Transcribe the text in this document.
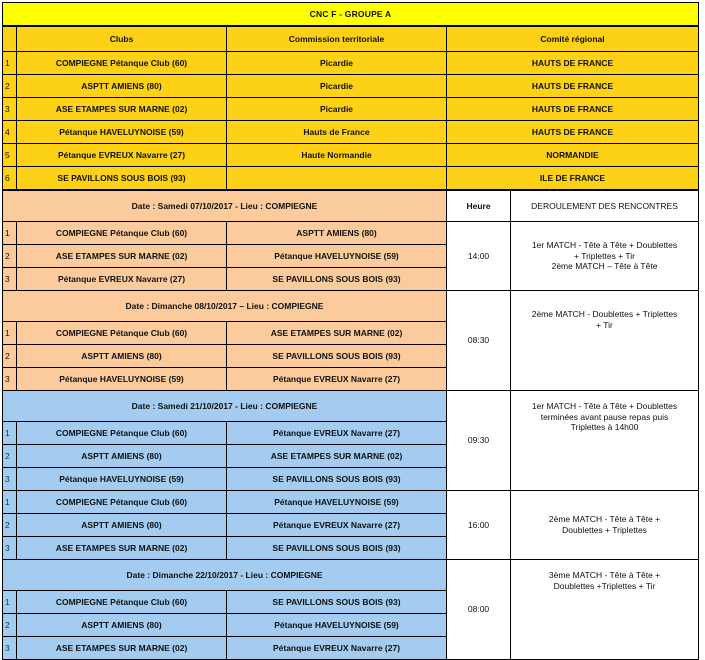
CNC F - GROUPE A
	Clubs	Commission territoriale	Comité régional
1	COMPIEGNE Pétanque Club (60)	Picardie	HAUTS DE FRANCE
2	ASPTT AMIENS (80)	Picardie	HAUTS DE FRANCE
3	ASE ETAMPES SUR MARNE (02)	Picardie	HAUTS DE FRANCE
4	Pétanque HAVELUYNOISE (59)	Hauts de France	HAUTS DE FRANCE
5	Pétanque EVREUX Navarre (27)	Haute Normandie	NORMANDIE
6	SE PAVILLONS SOUS BOIS (93)		ILE DE FRANCE
Date : Samedi 07/10/2017 - Lieu : COMPIEGNE			Heure	DEROULEMENT DES RENCONTRES
1	COMPIEGNE Pétanque Club (60)	ASPTT AMIENS (80)	14:00	1er MATCH - Tête à Tête + Doublettes
+ Triplettes + Tir
2ème MATCH – Tête à Tête
2	ASE ETAMPES SUR MARNE (02)	Pétanque HAVELUYNOISE (59)		
3	Pétanque EVREUX Navarre (27)	SE PAVILLONS SOUS BOIS (93)		
Date : Dimanche 08/10/2017 – Lieu : COMPIEGNE			08:30	2ème MATCH - Doublettes + Triplettes
+ Tir
1	COMPIEGNE Pétanque Club (60)	ASE ETAMPES SUR MARNE (02)		
2	ASPTT AMIENS (80)	SE PAVILLONS SOUS BOIS (93)		
3	Pétanque HAVELUYNOISE (59)	Pétanque EVREUX Navarre (27)		
Date : Samedi 21/10/2017 - Lieu : COMPIEGNE			09:30	1er MATCH - Tête à Tête + Doublettes
terminées avant pause repas puis
Triplettes à 14h00
1	COMPIEGNE Pétanque Club (60)	Pétanque EVREUX Navarre (27)		
2	ASPTT AMIENS (80)	ASE ETAMPES SUR MARNE (02)		
3	Pétanque HAVELUYNOISE (59)	SE PAVILLONS SOUS BOIS (93)		
1	COMPIEGNE Pétanque Club (60)	Pétanque HAVELUYNOISE (59)	16:00	2ème MATCH - Tête à Tête +
Doublettes + Triplettes
2	ASPTT AMIENS (80)	Pétanque EVREUX Navarre (27)		
3	ASE ETAMPES SUR MARNE (02)	SE PAVILLONS SOUS BOIS (93)		
Date : Dimanche 22/10/2017 - Lieu : COMPIEGNE			08:00	3ème MATCH - Tête à Tête +
Doublettes +Triplettes + Tir
1	COMPIEGNE Pétanque Club (60)	SE PAVILLONS SOUS BOIS (93)		
2	ASPTT AMIENS (80)	Pétanque HAVELUYNOISE (59)		
3	ASE ETAMPES SUR MARNE (02)	Pétanque EVREUX Navarre (27)		
